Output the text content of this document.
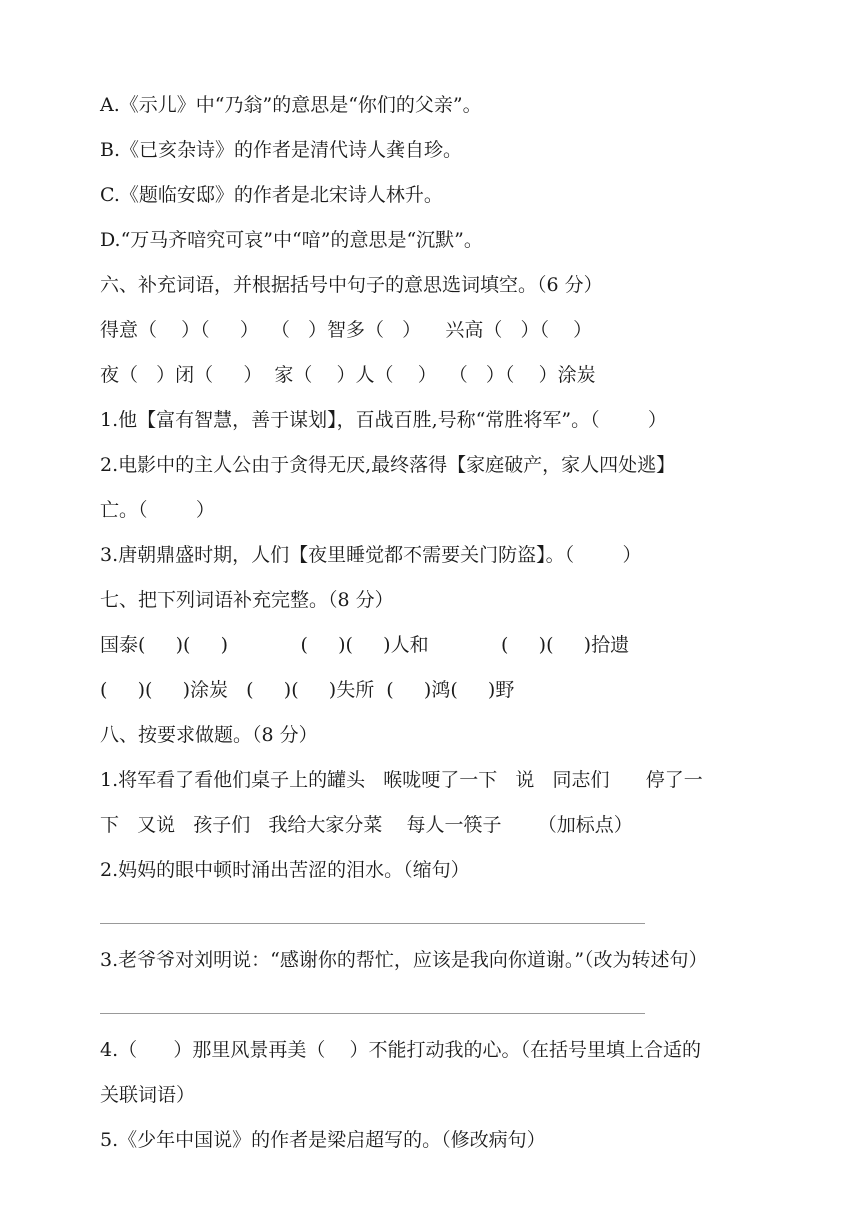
A.《示儿》中“乃翁”的意思是“你们的父亲”。
B.《已亥杂诗》的作者是清代诗人龚自珍。
C.《题临安邸》的作者是北宋诗人林升。
D.“万马齐喑究可哀”中“喑”的意思是“沉默”。
六、补充词语，并根据括号中句子的意思选词填空。（6 分）
得意（    ）（     ）  （   ）智多（   ）    兴高（   ）（    ）
夜（   ）闭（     ）  家（    ）人（    ）  （   ）（    ）涂炭
1.他【富有智慧，善于谋划】，百战百胜,号称“常胜将军”。（        ）
2.电影中的主人公由于贪得无厌,最终落得【家庭破产，家人四处逃】
亡。（        ）
3.唐朝鼎盛时期，人们【夜里睡觉都不需要关门防盗】。（        ）
七、把下列词语补充完整。（8 分）
国泰(     )(     )            (     )(     )人和            (     )(     )拾遗
(     )(     )涂炭   (     )(     )失所  (     )鸿(     )野
八、按要求做题。（8 分）
1.将军看了看他们桌子上的罐头   喉咙哽了一下   说   同志们      停了一
下   又说   孩子们   我给大家分菜    每人一筷子      （加标点）
2.妈妈的眼中顿时涌出苦涩的泪水。（缩句）
3.老爷爷对刘明说：“感谢你的帮忙，应该是我向你道谢。”（改为转述句）
4.（      ）那里风景再美（    ）不能打动我的心。（在括号里填上合适的
关联词语）
5.《少年中国说》的作者是梁启超写的。（修改病句）
